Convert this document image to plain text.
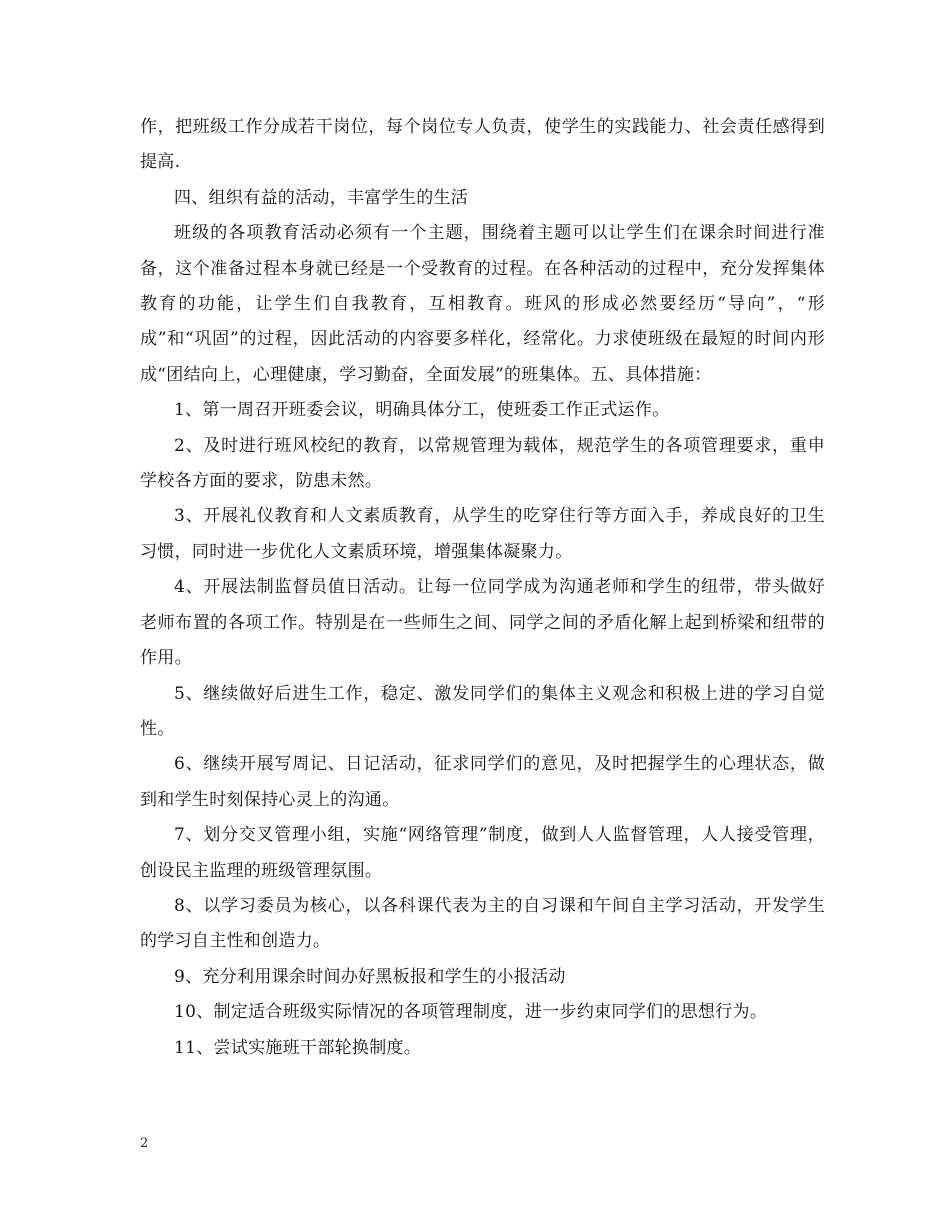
作，把班级工作分成若干岗位，每个岗位专人负责，使学生的实践能力、社会责任感得到提高.

四、组织有益的活动，丰富学生的生活

班级的各项教育活动必须有一个主题，围绕着主题可以让学生们在课余时间进行准备，这个准备过程本身就已经是一个受教育的过程。在各种活动的过程中，充分发挥集体教育的功能，让学生们自我教育，互相教育。班风的形成必然要经历“导向”，“形成”和“巩固”的过程，因此活动的内容要多样化，经常化。力求使班级在最短的时间内形成“团结向上，心理健康，学习勤奋，全面发展”的班集体。五、具体措施：

1、第一周召开班委会议，明确具体分工，使班委工作正式运作。

2、及时进行班风校纪的教育，以常规管理为载体，规范学生的各项管理要求，重申学校各方面的要求，防患未然。

3、开展礼仪教育和人文素质教育，从学生的吃穿住行等方面入手，养成良好的卫生习惯，同时进一步优化人文素质环境，增强集体凝聚力。

4、开展法制监督员值日活动。让每一位同学成为沟通老师和学生的纽带，带头做好老师布置的各项工作。特别是在一些师生之间、同学之间的矛盾化解上起到桥梁和纽带的作用。

5、继续做好后进生工作，稳定、激发同学们的集体主义观念和积极上进的学习自觉性。

6、继续开展写周记、日记活动，征求同学们的意见，及时把握学生的心理状态，做到和学生时刻保持心灵上的沟通。

7、划分交叉管理小组，实施“网络管理”制度，做到人人监督管理，人人接受管理，创设民主监理的班级管理氛围。

8、以学习委员为核心，以各科课代表为主的自习课和午间自主学习活动，开发学生的学习自主性和创造力。

9、充分利用课余时间办好黑板报和学生的小报活动

10、制定适合班级实际情况的各项管理制度，进一步约束同学们的思想行为。

11、尝试实施班干部轮换制度。

2
